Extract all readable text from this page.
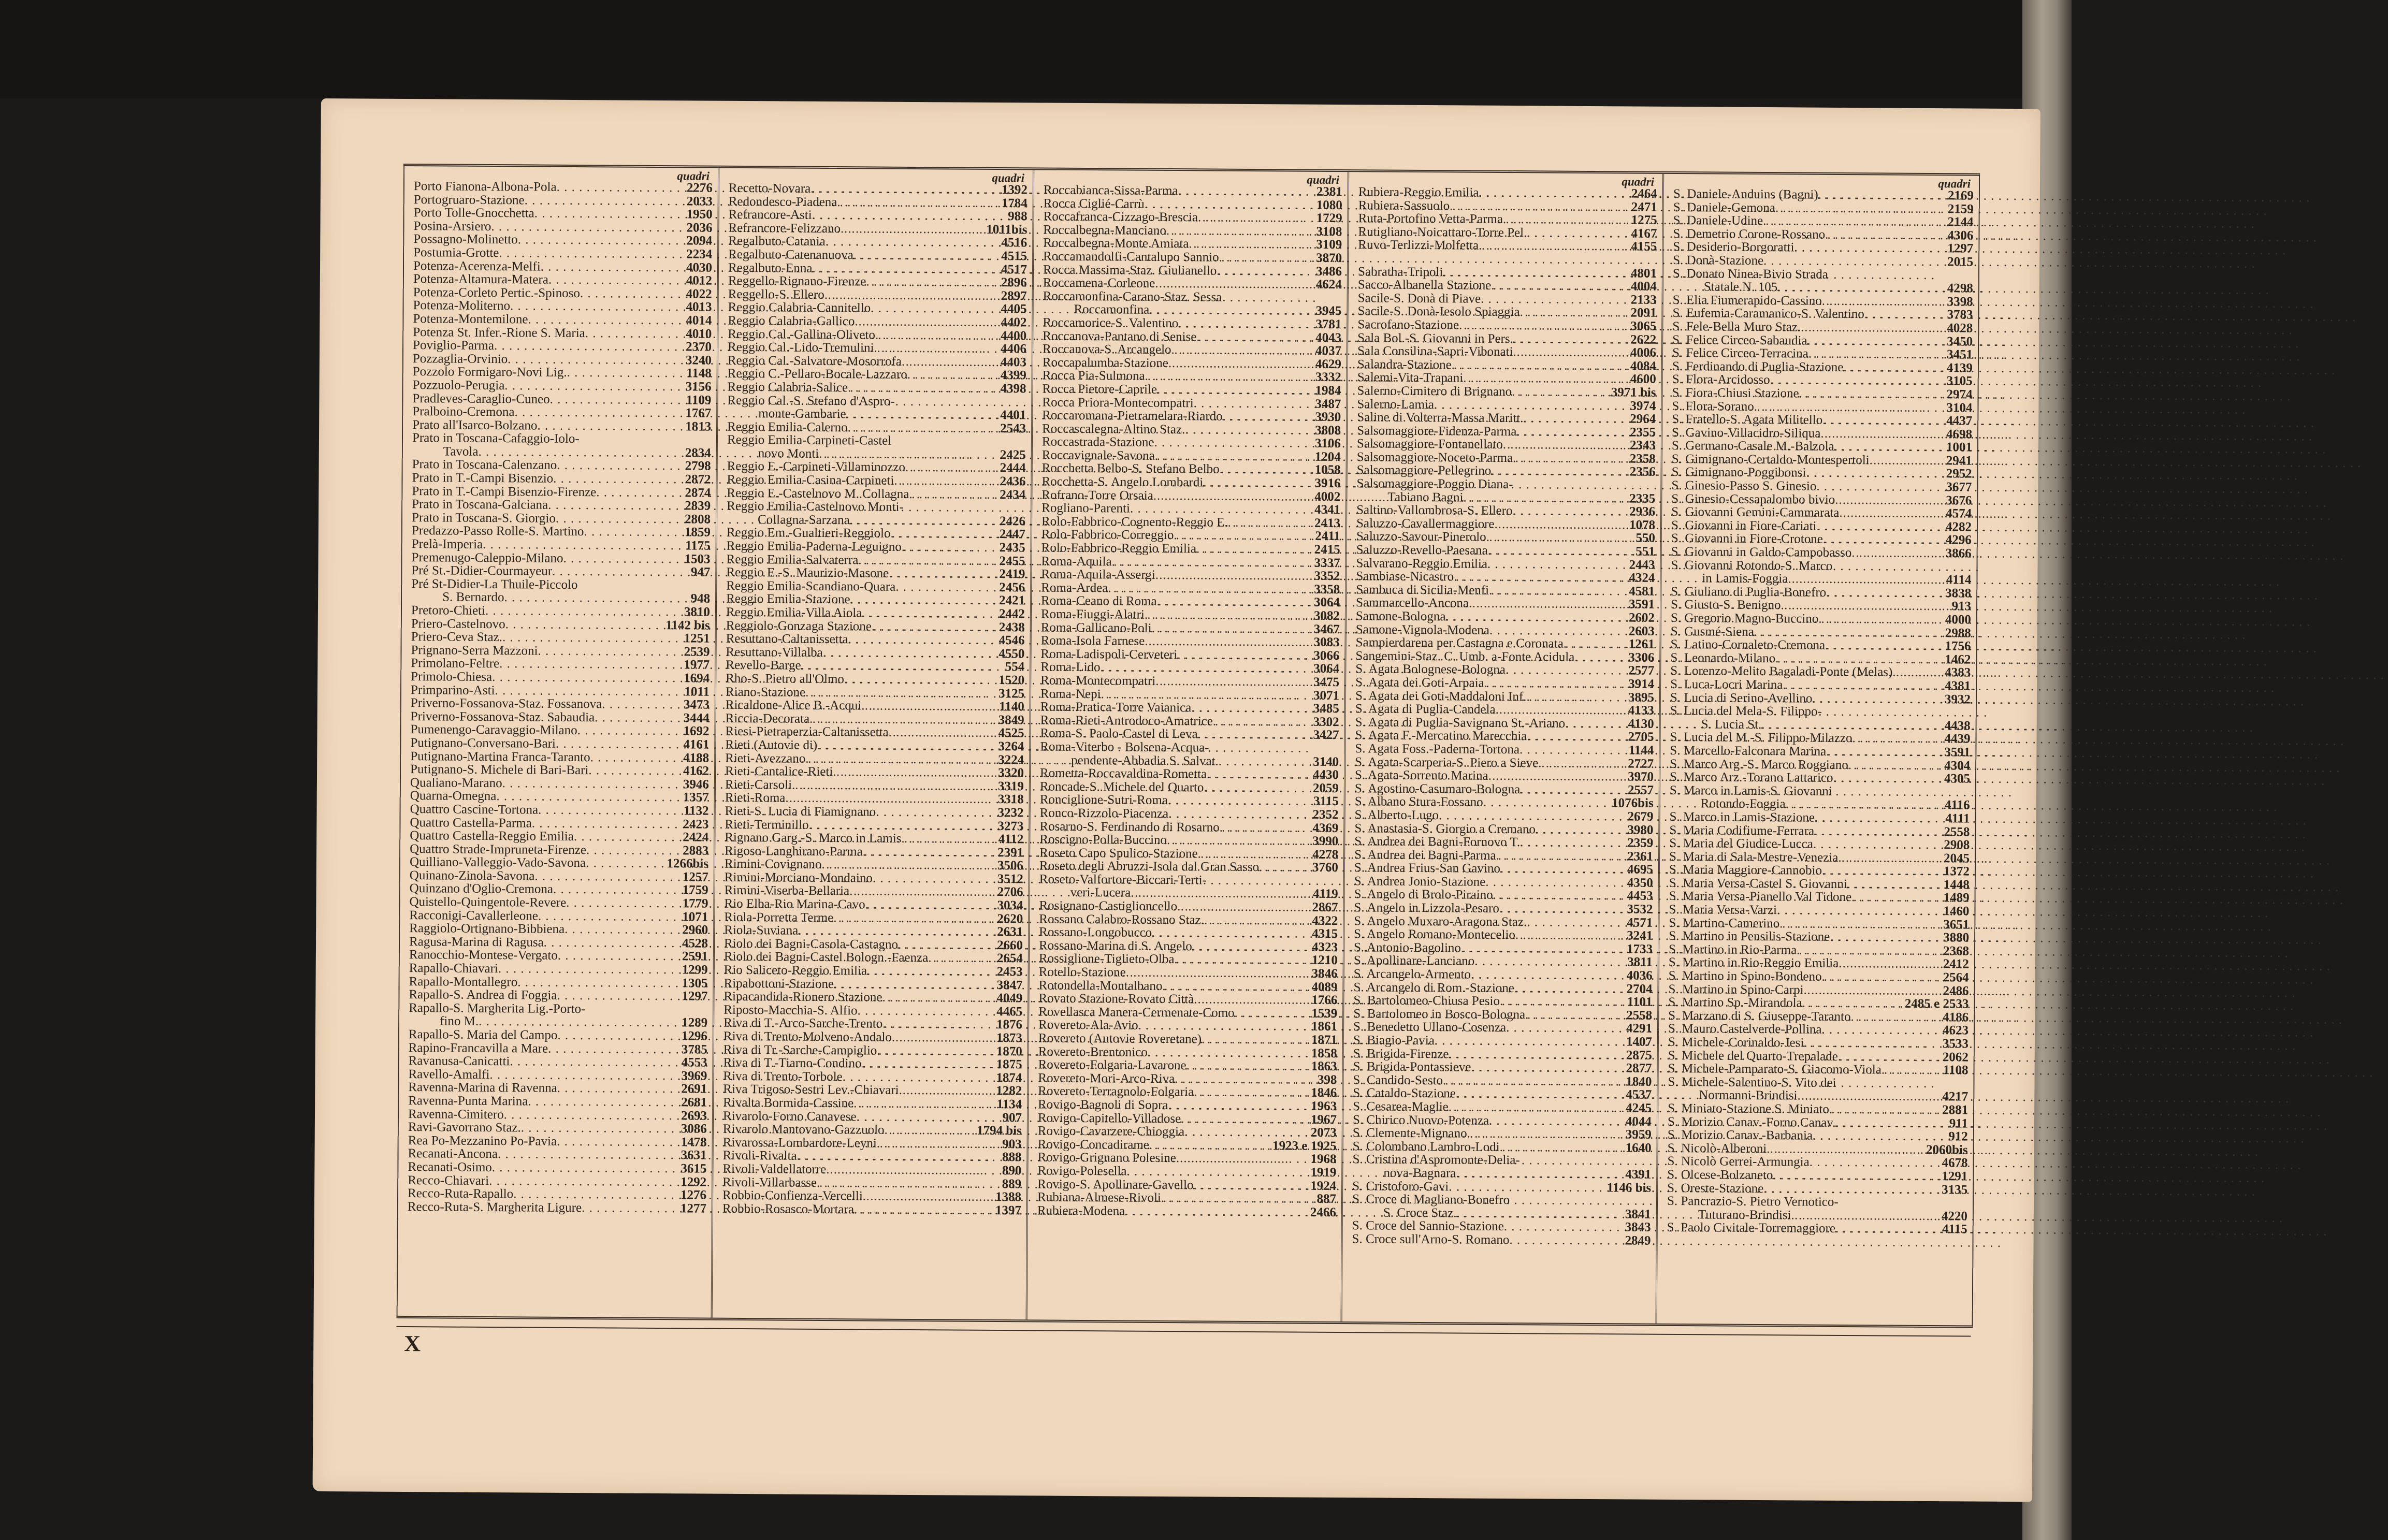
quadri
Porto Fianona-Albona-Pola . . .	2276
Portogruaro-Stazione . . .	2033
Porto Tolle-Gnocchetta . . .	1950
Posina-Arsiero . . .	2036
Possagno-Molinetto . . .	2094
Postumia-Grotte . . .	2234
Potenza-Acerenza-Melfi . . .	4030
Potenza-Altamura-Matera . . .	4012
Potenza-Corleto Pertic.-Spinoso . . .	4022
Potenza-Moliterno . . .	4013
Potenza-Montemilone . . .	4014
Potenza St. Infer.-Rione S. Maria . . .	4010
Poviglio-Parma . . .	2370
Pozzaglia-Orvinio . . .	3240
Pozzolo Formigaro-Novi Lig. . . .	1148
Pozzuolo-Perugia . . .	3156
Pradleves-Caraglio-Cuneo . . .	1109
Pralboino-Cremona . . .	1767
Prato all'Isarco-Bolzano . . .	1813
Prato in Toscana-Cafaggio-Iolo-
Tavola . . .	2834
Prato in Toscana-Calenzano . . .	2798
Prato in T.-Campi Bisenzio . . .	2872
Prato in T.-Campi Bisenzio-Firenze . . .	2874
Prato in Toscana-Galciana . . .	2839
Prato in Toscana-S. Giorgio . . .	2808
Predazzo-Passo Rolle-S. Martino . . .	1859
Prelà-Imperia . . .	1175
Premenugo-Caleppio-Milano . . .	1503
Pré St.-Didier-Courmayeur . . .	947
Pré St-Didier-La Thuile-Piccolo
S. Bernardo . . .	948
Pretoro-Chieti . . .	3810
Priero-Castelnovo . . .	1142 bis
Priero-Ceva Staz. . . .	1251
Prignano-Serra Mazzoni . . .	2539
Primolano-Feltre . . .	1977
Primolo-Chiesa . . .	1694
Primparino-Asti . . .	1011
Priverno-Fossanova-Staz. Fossanova . . .	3473
Priverno-Fossanova-Staz. Sabaudia . . .	3444
Pumenengo-Caravaggio-Milano . . .	1692
Putignano-Conversano-Bari . . .	4161
Putignano-Martina Franca-Taranto . . .	4188
Putignano-S. Michele di Bari-Bari . . .	4162
Qualiano-Marano . . .	3946
Quarna-Omegna . . .	1357
Quattro Cascine-Tortona . . .	1132
Quattro Castella-Parma . . .	2423
Quattro Castella-Reggio Emilia . . .	2424
Quattro Strade-Impruneta-Firenze . . .	2883
Quilliano-Valleggio-Vado-Savona . . .	1266bis
Quinano-Zinola-Savona . . .	1257
Quinzano d'Oglio-Cremona . . .	1759
Quistello-Quingentole-Revere . . .	1779
Racconigi-Cavallerleone . . .	1071
Raggiolo-Ortignano-Bibbiena . . .	2960
Ragusa-Marina di Ragusa . . .	4528
Ranocchio-Montese-Vergato . . .	2591
Rapallo-Chiavari . . .	1299
Rapallo-Montallegro . . .	1305
Rapallo-S. Andrea di Foggia . . .	1297
Rapallo-S. Margherita Lig.-Porto-
fino M. . . .	1289
Rapallo-S. Maria del Campo . . .	1296
Rapino-Francavilla a Mare . . .	3785
Ravanusa-Canicatti . . .	4553
Ravello-Amalfi . . .	3969
Ravenna-Marina di Ravenna . . .	2691
Ravenna-Punta Marina . . .	2681
Ravenna-Cimitero . . .	2693
Ravi-Gavorrano Staz. . . .	3086
Rea Po-Mezzanino Po-Pavia . . .	1478
Recanati-Ancona . . .	3631
Recanati-Osimo . . .	3615
Recco-Chiavari . . .	1292
Recco-Ruta-Rapallo . . .	1276
Recco-Ruta-S. Margherita Ligure . . .	1277
quadri
Recetto-Novara . . .	1392
Redondesco-Piadena . . .	1784
Refrancore-Asti . . .	988
Refrancore-Felizzano . . .	1011bis
Regalbuto-Catania . . .	4516
Regalbuto-Catenanuova . . .	4515
Regalbuto-Enna . . .	4517
Reggello-Rignano-Firenze . . .	2896
Reggello-S. Ellero . . .	2897
Reggio Calabria-Cannitello . . .	4405
Reggio Calabria-Gallico . . .	4402
Reggio Cal.-Gallina-Oliveto . . .	4400
Reggio Cal.-Lido-Tremulini . . .	4406
Reggio Cal.-Salvatore-Mosorrofa . . .	4403
Reggio C.-Pellaro-Bocale-Lazzaro . . .	4399
Reggio Calabria-Salice . . .	4398
Reggio Cal.-S. Stefano d'Aspro-
monte-Gambarie . . .	4401
Reggio Emilia-Calerno . . .	2543
Reggio Emilia-Carpineti-Castel
novo Monti . . .	2425
Reggio E.-Carpineti-Villaminozzo . . .	2444
Reggio Emilia-Casina-Carpineti . . .	2436
Reggio E.-Castelnovo M. Collagna . . .	2434
Reggio Emilia-Castelnovo Monti-
Collagna-Sarzana . . .	2426
Reggio Em.-Gualtieri-Reggiolo . . .	2447
Reggio Emilia-Paderna-Leguigno . . .	2435
Reggio Emilia-Salvaterra . . .	2455
Reggio E.-S. Maurizio-Masone . . .	2419
Reggio Emilia-Scandiano-Quara . . .	2456
Reggio Emilia-Stazione . . .	2421
Reggio Emilia-Villa Aiola . . .	2442
Reggiolo-Gonzaga Stazione . . .	2438
Resuttano-Caltanissetta . . .	4546
Resuttano-Villalba . . .	4550
Revello-Barge . . .	554
Rho-S. Pietro all'Olmo . . .	1520
Riano-Stazione . . .	3125
Ricaldone-Alice B.-Acqui . . .	1140
Riccia-Decorata . . .	3849
Riesi-Pietraperzia-Caltanissetta . . .	4525
Rieti (Autovie di) . . .	3264
Rieti-Avezzano . . .	3224
Rieti-Cantalice-Rieti . . .	3320
Rieti-Carsoli . . .	3319
Rieti-Roma . . .	3318
Rieti-S. Lucia di Fiamignano . . .	3232
Rieti-Terminillo . . .	3273
Rignano Garg.-S. Marco in Lamis . . .	4112
Rigoso-Langhirano-Parma . . .	2391
Rimini-Covignano . . .	3506
Rimini-Morciano-Mondaino . . .	3512
Rimini-Viserba-Bellaria . . .	2706
Rio Elba-Rio Marina-Cavo . . .	3034
Riola-Porretta Terme . . .	2620
Riola-Suviana . . .	2631
Riolo dei Bagni-Casola-Castagno . . .	2660
Riolo dei Bagni-Castel Bologn.-Faenza . . .	2654
Rio Saliceto-Reggio Emilia . . .	2453
Ripabottoni-Stazione . . .	3847
Ripacandida-Rionero Stazione . . .	4049
Riposto-Macchia-S. Alfio . . .	4465
Riva di T.-Arco-Sarche-Trento . . .	1876
Riva di Trento-Molveno-Andalo . . .	1873
Riva di Tr.-Sarche-Campiglio . . .	1870
Riva di T.-Tiarno-Condino . . .	1875
Riva di Trento-Torbole . . .	1874
Riva Trigoso-Sestri Lev.-Chiavari . . .	1282
Rivalta Bormida-Cassine . . .	1134
Rivarolo-Forno Canavese . . .	907
Rivarolo Mantovano-Gazzuolo . . .	1794 bis
Rivarossa-Lombardore-Leyni . . .	903
Rivoli-Rivalta . . .	888
Rivoli-Valdellatorre . . .	890
Rivoli-Villarbasse . . .	889
Robbio-Confienza-Vercelli . . .	1388
Robbio-Rosasco-Mortara . . .	1397
quadri
Roccabianca-Sissa-Parma . . .	2381
Rocca Ciglié-Carrù . . .	1080
Roccafranca-Cizzago-Brescia . . .	1729
Roccalbegna-Manciano . . .	3108
Roccalbegna-Monte Amiata . . .	3109
Roccamandolfi-Cantalupo Sannio . . .	3870
Rocca Massima-Staz. Giulianello . . .	3486
Roccamena-Corleone . . .	4624
Roccamonfina-Carano-Staz. Sessa
Roccamonfina . . .	3945
Roccamorice-S. Valentino . . .	3781
Roccanova-Pantano di Senise . . .	4043
Roccanova-S. Arcangelo . . .	4037
Roccapalumba-Stazione . . .	4629
Rocca Pia-Sulmona . . .	3332
Rocca Pietore-Caprile . . .	1984
Rocca Priora-Montecompatri . . .	3487
Roccaromana-Pietramelara-Riardo . . .	3930
Roccascalegna-Altino Staz. . . .	3808
Roccastrada-Stazione . . .	3106
Roccavignale-Savona . . .	1204
Rocchetta Belbo-S. Stefano Belbo . . .	1058
Rocchetta-S. Angelo Lombardi . . .	3916
Rofrano-Torre Orsaia . . .	4002
Rogliano-Parenti . . .	4341
Rolo-Fabbrico-Cognento-Reggio E. . . .	2413
Rolo-Fabbrico-Correggio . . .	2411
Rolo-Fabbrico-Reggio Emilia . . .	2415
Roma-Aquila . . .	3337
Roma-Aquila-Assergi . . .	3352
Roma-Ardea . . .	3358
Roma-Ceano di Roma . . .	3064
Roma-Fiuggi-Alatri . . .	3082
Roma-Gallicano-Poli . . .	3467
Roma-Isola Farnese . . .	3083
Roma-Ladispoli-Cerveteri . . .	3066
Roma-Lido . . .	3064
Roma-Montecompatri . . .	3475
Roma-Nepi . . .	3071
Roma-Pratica-Torre Vaianica . . .	3485
Roma-Rieti-Antrodoco-Amatrice . . .	3302
Roma-S. Paolo-Castel di Leva . . .	3427
Roma-Viterbo - Bolsena-Acqua-
pendente-Abbadia S. Salvat. . . .	3140
Rometta-Roccavaldina-Rometta . . .	4430
Roncade-S. Michele del Quarto . . .	2059
Ronciglione-Sutri-Roma . . .	3115
Ronco-Rizzolo-Piacenza . . .	2352
Rosarno-S. Ferdinando di Rosarno . . .	4369
Roscigno-Polla-Buccino . . .	3990
Roseto Capo Spulico-Stazione . . .	4278
Roseto degli Abruzzi-Isola dal Gran Sasso . . .	3760
Roseto-Valfortore-Biccari-Terti-
veri-Lucera . . .	4119
Rosignano-Castiglioncello . . .	2867
Rossano Calabro-Rossano Staz. . . .	4322
Rossano-Longobucco . . .	4315
Rossano-Marina di S. Angelo . . .	4323
Rossiglione-Tiglieto-Olba . . .	1210
Rotello-Stazione . . .	3846
Rotondella-Montalbano . . .	4089
Rovato Stazione-Rovato Città . . .	1766
Rovellasca Manera-Cermenate-Como . . .	1539
Rovereto-Ala-Avio . . .	1861
Rovereto (Autovie Roveretane) . . .	1871
Rovereto-Brentonico . . .	1858
Rovereto-Folgaria-Lavarone . . .	1863
Rovereto-Mori-Arco-Riva . . .	398
Rovereto-Terragnolo-Folgaria . . .	1846
Rovigo-Bagnoli di Sopra . . .	1963
Rovigo-Capitello-Villadose . . .	1967
Rovigo-Cavarzere-Chioggia . . .	2073
Rovigo-Concadirame . . .	1923 e 1925
Rovigo-Grignano Polesine . . .	1968
Rovigo-Polesella . . .	1919
Rovigo-S. Apollinare-Gavello . . .	1924
Rubiana-Almese-Rivoli . . .	887
Rubiera-Modena . . .	2466
quadri
Rubiera-Reggio Emilia . . .	2464
Rubiera-Sassuolo . . .	2471
Ruta-Portofino Vetta-Parma . . .	1275
Rutigliano-Noicattaro-Torre Pel. . . .	4167
Ruvo-Terlizzi-Molfetta . . .	4155
Sabratha-Tripoli . . .	4801
Sacco-Albanella Stazione . . .	4004
Sacile-S. Donà di Piave . . .	2133
Sacile-S. Donà-Iesolo Spiaggia . . .	2091
Sacrofano-Stazione . . .	3065
Sala Bol.-S. Giovanni in Pers. . . .	2622
Sala Consilina-Sapri-Vibonati . . .	4006
Salandra-Stazione . . .	4084
Salemi-Vita-Trapani . . .	4600
Salerno-Cimitero di Brignano . . .	3971 bis
Salerno-Lamia . . .	3974
Saline di Volterra-Massa Maritt. . . .	2964
Salsomaggiore-Fidenza-Parma . . .	2355
Salsomaggiore-Fontanellato . . .	2343
Salsomaggiore-Noceto-Parma . . .	2358
Salsomaggiore-Pellegrino . . .	2356
Salsomaggiore-Poggio Diana-
Tabiano Bagni . . .	2335
Saltino-Vallombrosa-S. Ellero . . .	2936
Saluzzo-Cavallermaggiore . . .	1078
Saluzzo-Savour-Pinerolo . . .	550
Saluzzo-Revello-Paesana . . .	551
Salvarano-Reggio Emilia . . .	2443
Sambiase-Nicastro . . .	4324
Sambuca di Sicilia-Menfi . . .	4581
Sammarcello-Ancona . . .	3591
Samone-Bologna . . .	2602
Samone-Vignola-Modena . . .	2603
Sampierdarena per Castagna e Coronata . . .	1261
Sangemini-Staz. C. Umb. a-Fonte Acidula . . .	3306
S. Agata Bolognese-Bologna . . .	2577
S. Agata dei Goti-Arpaia . . .	3914
S. Agata dei Goti-Maddaloni Inf. . . .	3895
S. Agata di Puglia-Candela . . .	4133
S. Agata di Puglia-Savignano St.-Ariano . . .	4130
S. Agata F.-Mercatino Marecchia . . .	2705
S. Agata Foss.-Paderna-Tortona . . .	1144
S. Agata-Scarperia-S. Piero a Sieve . . .	2727
S. Agata-Sorrento Marina . . .	3970
S. Agostino-Casumaro-Bologna . . .	2557
S. Albano Stura-Fossano . . .	1076bis
S. Alberto-Lugo . . .	2679
S. Anastasia-S. Giorgio a Cremano . . .	3980
S. Andrea dei Bagni-Fornovo T. . . .	2359
S. Andrea dei Bagni-Parma . . .	2361
S. Andrea Frius-San Gavino . . .	4695
S. Andrea Jonio-Stazione . . .	4350
S. Angelo di Brolo-Piraino . . .	4453
S. Angelo in Lizzola-Pesaro . . .	3532
S. Angelo Muxaro-Aragona Staz. . . .	4571
S. Angelo Romano-Montecelio . . .	3241
S. Antonio-Bagolino . . .	1733
S. Apollinare-Lanciano . . .	3811
S. Arcangelo-Armento . . .	4036
S. Arcangelo di Rom.-Stazione . . .	2704
S. Bartolomeo-Chiusa Pesio . . .	1101
S. Bartolomeo in Bosco-Bologna . . .	2558
S. Benedetto Ullano-Cosenza . . .	4291
S. Biagio-Pavia . . .	1407
S. Brigida-Firenze . . .	2875
S. Brigida-Pontassieve . . .	2877
S. Candido-Sesto . . .	1840
S. Cataldo-Stazione . . .	4537
S. Cesarea-Maglie . . .	4245
S. Chirico Nuovo-Potenza . . .	4044
S. Clemente-Mignano . . .	3959
S. Colombano Lambro-Lodi . . .	1640
S. Cristina d'Aspromonte-Delia-
nova-Bagnara . . .	4391
S. Cristoforo-Gavi . . .	1146 bis
S. Croce di Magliano-Bonefro
S. Croce Staz. . . .	3841
S. Croce del Sannio-Stazione . . .	3843
S. Croce sull'Arno-S. Romano . . .	2849
quadri
S. Daniele-Anduins (Bagni) . . .	2169
S. Daniele-Gemona . . .	2159
S. Daniele-Udine . . .	2144
S. Demetrio Corone-Rossano . . .	4306
S. Desiderio-Borgoratti . . .	1297
S. Donà-Stazione . . .	2015
S. Donato Ninea-Bivio Strada
Statale N. 105 . . .	4298
S. Elia Fiumerapido-Cassino . . .	3398
S. Eufemia-Caramanico-S. Valentino . . .	3783
S. Fele-Bella Muro Staz. . . .	4028
S. Felice Circeo-Sabaudia . . .	3450
S. Felice Circeo-Terracina . . .	3451
S. Ferdinando di Puglia-Stazione . . .	4139
S. Flora-Arcidosso . . .	3105
S. Fiora-Chiusi Stazione . . .	2974
S. Flora-Sorano . . .	3104
S. Fratello-S. Agata Militello . . .	4437
S. Gavino-Villacidro-Siliqua . . .	4698
S. Germano-Casale M.-Balzola . . .	1001
S. Gimignano-Certaldo-Montespertoli . . .	2941
S. Gimignano-Poggibonsi . . .	2952
S. Ginesio-Passo S. Ginesio . . .	3677
S. Ginesio-Cessapalombo bivio . . .	3676
S. Giovanni Gemini-Cammarata . . .	4574
S. Giovanni in Fiore-Cariati . . .	4282
S. Giovanni in Fiore-Crotone . . .	4296
S. Giovanni in Galdo-Campobasso . . .	3866
S. Giovanni Rotondo-S. Marco
in Lamis-Foggia . . .	4114
S. Giuliano di Puglia-Bonefro . . .	3838
S. Giusto-S. Benigno . . .	913
S. Gregorio Magno-Buccino . . .	4000
S. Gusmé-Siena . . .	2988
S. Latino-Cornaleto-Cremona . . .	1756
S. Leonardo-Milano . . .	1462
S. Lorenzo-Melito Bagaladi-Ponte (Melas) . . .	4383
S. Luca-Locri Marina . . .	4381
S. Lucia di Serino-Avellino . . .	3932
S. Lucia del Mela-S. Filippo-
S. Lucia St. . . .	4438
S. Lucia del M.-S. Filippo-Milazzo . . .	4439
S. Marcello-Falconara Marina . . .	3591
S. Marco Arg.-S. Marco Roggiano . . .	4304
S. Marco Arz.-Torano Lattarico . . .	4305
S. Marco in Lamis-S. Giovanni
Rotondo-Foggia . . .	4116
S. Marco in Lamis-Stazione . . .	4111
S. Maria Codifiume-Ferrara . . .	2558
S. Maria del Giudice-Lucca . . .	2908
S. Maria di Sala-Mestre-Venezia . . .	2045
S. Maria Maggiore-Cannobio . . .	1372
S. Maria Versa-Castel S. Giovanni . . .	1448
S. Maria Versa-Pianello Val Tidone . . .	1489
S. Maria Versa-Varzi . . .	1460
S. Martino-Camerino . . .	3651
S. Martino in Pensilis-Stazione . . .	3880
S. Martino in Rio-Parma . . .	2368
S. Martino in Rio-Reggio Emilia . . .	2412
S. Martino in Spino-Bondeno . . .	2564
S. Martino in Spino-Carpi . . .	2486
S. Martino Sp.-Mirandola . . .	2485 e 2533
S. Marzano di S. Giuseppe-Taranto . . .	4186
S. Mauro Castelverde-Pollina . . .	4623
S. Michele-Corinaldo-Jesi . . .	3533
S. Michele del Quarto-Trepalade . . .	2062
S. Michele-Pamparato-S. Giacomo-Viola . . .	1108
S. Michele-Salentino-S. Vito dei
Normanni-Brindisi . . .	4217
S. Miniato-Stazione S. Miniato . . .	2881
S. Morizio Canav.-Forno Canav. . . .	911
S. Morizio Canav.-Barbania . . .	912
S. Nicolò-Alberoni . . .	2060bis
S. Nicolò Gerrei-Armungia . . .	4678
S. Olcese-Bolzaneto . . .	1291
S. Oreste-Stazione . . .	3135
S. Pancrazio-S. Pietro Vernotico-
Tuturano-Brindisi . . .	4220
S. Paolo Civitale-Torremaggiore . . .	4115
X
